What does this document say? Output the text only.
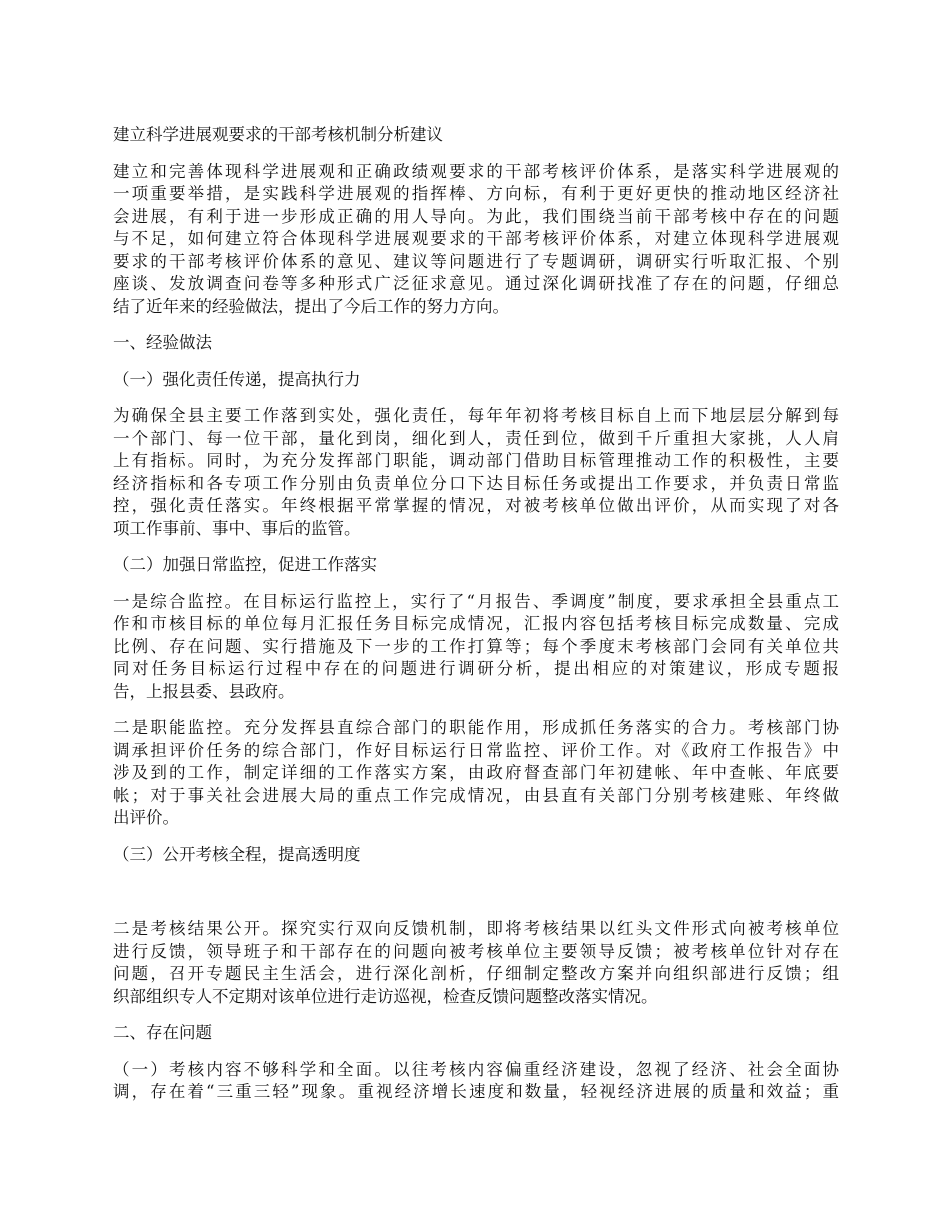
建立科学进展观要求的干部考核机制分析建议
建立和完善体现科学进展观和正确政绩观要求的干部考核评价体系，是落实科学进展观的
一项重要举措，是实践科学进展观的指挥棒、方向标，有利于更好更快的推动地区经济社
会进展，有利于进一步形成正确的用人导向。为此，我们围绕当前干部考核中存在的问题
与不足，如何建立符合体现科学进展观要求的干部考核评价体系，对建立体现科学进展观
要求的干部考核评价体系的意见、建议等问题进行了专题调研，调研实行听取汇报、个别
座谈、发放调查问卷等多种形式广泛征求意见。通过深化调研找准了存在的问题，仔细总
结了近年来的经验做法，提出了今后工作的努力方向。
一、经验做法
（一）强化责任传递，提高执行力
为确保全县主要工作落到实处，强化责任，每年年初将考核目标自上而下地层层分解到每
一个部门、每一位干部，量化到岗，细化到人，责任到位，做到千斤重担大家挑，人人肩
上有指标。同时，为充分发挥部门职能，调动部门借助目标管理推动工作的积极性，主要
经济指标和各专项工作分别由负责单位分口下达目标任务或提出工作要求，并负责日常监
控，强化责任落实。年终根据平常掌握的情况，对被考核单位做出评价，从而实现了对各
项工作事前、事中、事后的监管。
（二）加强日常监控，促进工作落实
一是综合监控。在目标运行监控上，实行了“月报告、季调度”制度，要求承担全县重点工
作和市核目标的单位每月汇报任务目标完成情况，汇报内容包括考核目标完成数量、完成
比例、存在问题、实行措施及下一步的工作打算等；每个季度末考核部门会同有关单位共
同对任务目标运行过程中存在的问题进行调研分析，提出相应的对策建议，形成专题报
告，上报县委、县政府。
二是职能监控。充分发挥县直综合部门的职能作用，形成抓任务落实的合力。考核部门协
调承担评价任务的综合部门，作好目标运行日常监控、评价工作。对《政府工作报告》中
涉及到的工作，制定详细的工作落实方案，由政府督查部门年初建帐、年中查帐、年底要
帐；对于事关社会进展大局的重点工作完成情况，由县直有关部门分别考核建账、年终做
出评价。
（三）公开考核全程，提高透明度
二是考核结果公开。探究实行双向反馈机制，即将考核结果以红头文件形式向被考核单位
进行反馈，领导班子和干部存在的问题向被考核单位主要领导反馈；被考核单位针对存在
问题，召开专题民主生活会，进行深化剖析，仔细制定整改方案并向组织部进行反馈；组
织部组织专人不定期对该单位进行走访巡视，检查反馈问题整改落实情况。
二、存在问题
（一）考核内容不够科学和全面。以往考核内容偏重经济建设，忽视了经济、社会全面协
调，存在着“三重三轻”现象。重视经济增长速度和数量，轻视经济进展的质量和效益；重
